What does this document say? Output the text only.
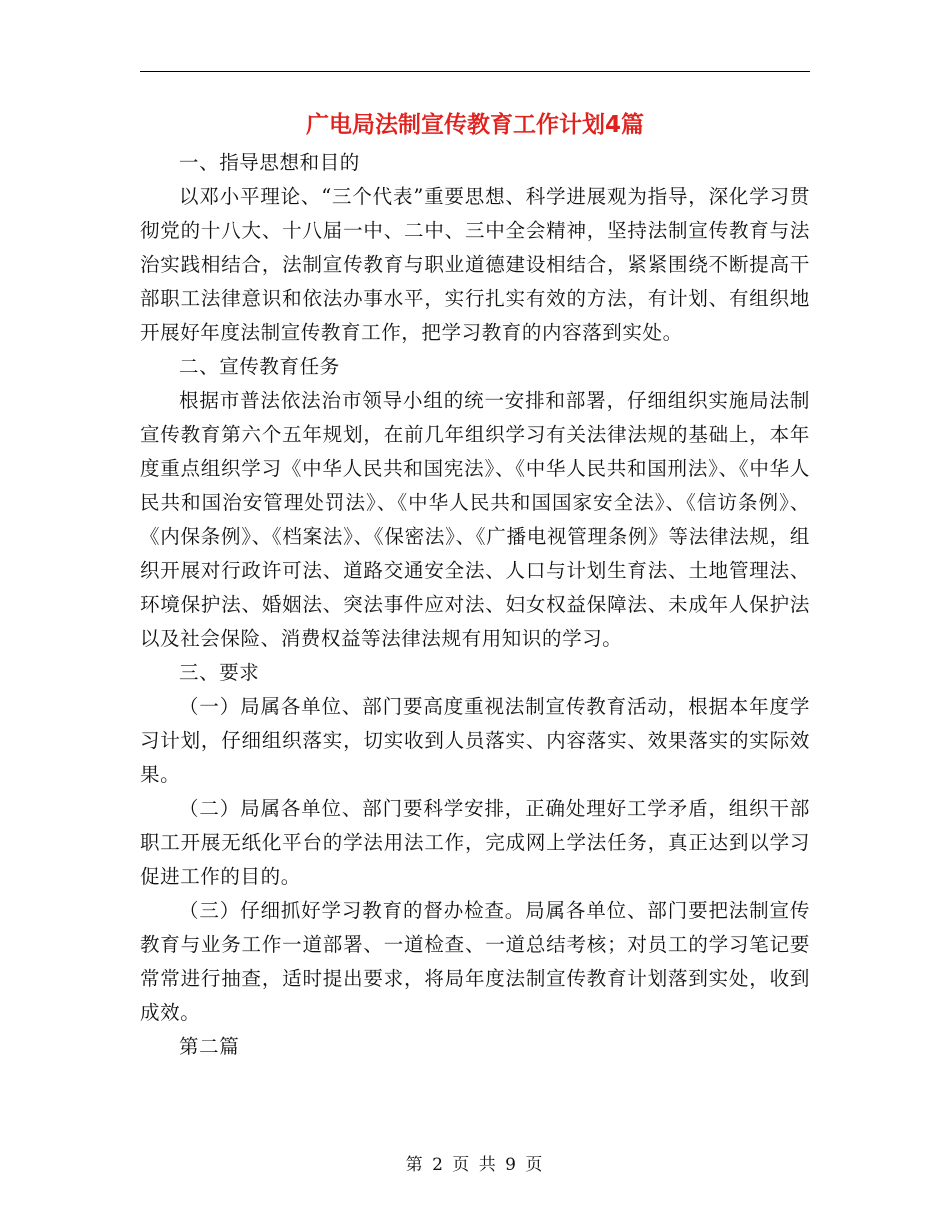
广电局法制宣传教育工作计划4篇

一、指导思想和目的

以邓小平理论、“三个代表”重要思想、科学进展观为指导，深化学习贯彻党的十八大、十八届一中、二中、三中全会精神，坚持法制宣传教育与法治实践相结合，法制宣传教育与职业道德建设相结合，紧紧围绕不断提高干部职工法律意识和依法办事水平，实行扎实有效的方法，有计划、有组织地开展好年度法制宣传教育工作，把学习教育的内容落到实处。

二、宣传教育任务

根据市普法依法治市领导小组的统一安排和部署，仔细组织实施局法制宣传教育第六个五年规划，在前几年组织学习有关法律法规的基础上，本年度重点组织学习《中华人民共和国宪法》、《中华人民共和国刑法》、《中华人民共和国治安管理处罚法》、《中华人民共和国国家安全法》、《信访条例》、《内保条例》、《档案法》、《保密法》、《广播电视管理条例》等法律法规，组织开展对行政许可法、道路交通安全法、人口与计划生育法、土地管理法、环境保护法、婚姻法、突法事件应对法、妇女权益保障法、未成年人保护法以及社会保险、消费权益等法律法规有用知识的学习。

三、要求

（一）局属各单位、部门要高度重视法制宣传教育活动，根据本年度学习计划，仔细组织落实，切实收到人员落实、内容落实、效果落实的实际效果。

（二）局属各单位、部门要科学安排，正确处理好工学矛盾，组织干部职工开展无纸化平台的学法用法工作，完成网上学法任务，真正达到以学习促进工作的目的。

（三）仔细抓好学习教育的督办检查。局属各单位、部门要把法制宣传教育与业务工作一道部署、一道检查、一道总结考核；对员工的学习笔记要常常进行抽查，适时提出要求，将局年度法制宣传教育计划落到实处，收到成效。

第二篇

第 2 页 共 9 页
